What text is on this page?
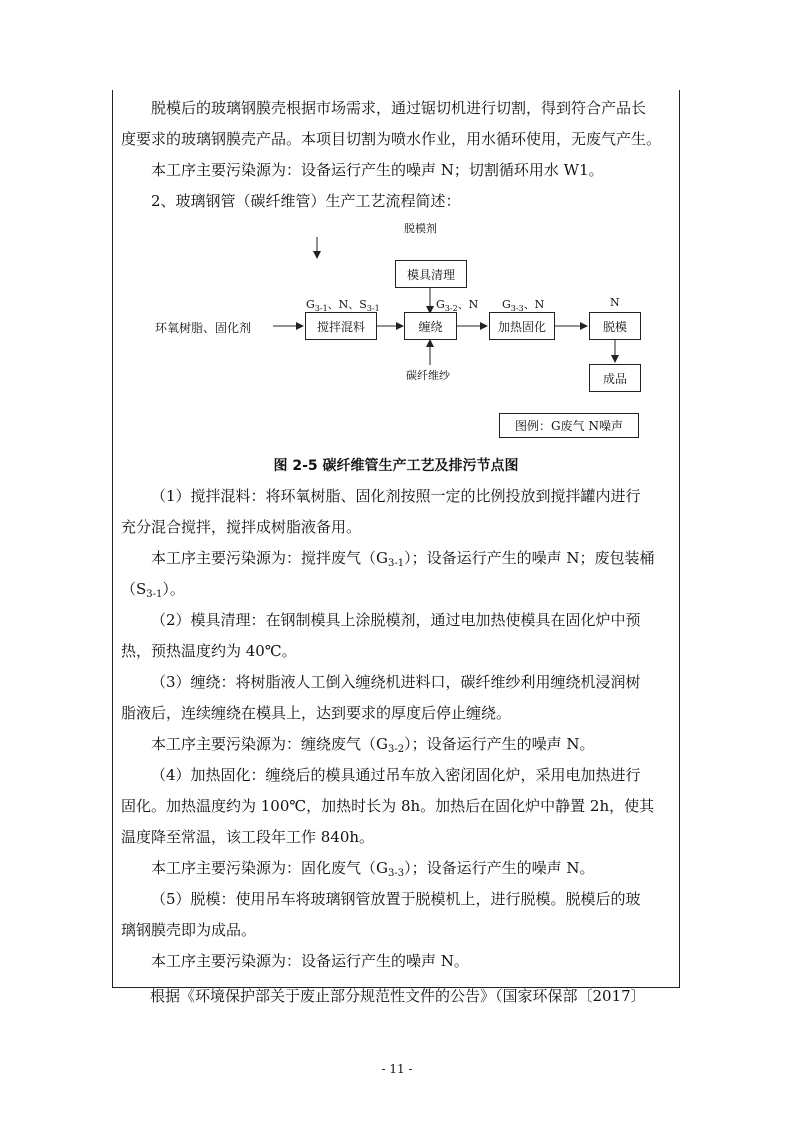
脱模后的玻璃钢膜壳根据市场需求，通过锯切机进行切割，得到符合产品长
度要求的玻璃钢膜壳产品。本项目切割为喷水作业，用水循环使用，无废气产生。
本工序主要污染源为：设备运行产生的噪声 N；切割循环用水 W1。
2、玻璃钢管（碳纤维管）生产工艺流程简述：
脱模剂
模具清理
环氧树脂、固化剂	搅拌混料
$G_{3-1}$、N、$S_{3-1}$
缠绕
$G_{3-2}$、N
碳纤维纱
加热固化
$G_{3-3}$、N
脱模
N
成品
图例：G废气 N噪声
图 2-5 碳纤维管生产工艺及排污节点图
（1）搅拌混料：将环氧树脂、固化剂按照一定的比例投放到搅拌罐内进行
充分混合搅拌，搅拌成树脂液备用。
本工序主要污染源为：搅拌废气$(G_{3-1})$；设备运行产生的噪声 N；废包装桶
$(S_{3-1})$。
（2）模具清理：在钢制模具上涂脱模剂，通过电加热使模具在固化炉中预
热，预热温度约为 40℃。
（3）缠绕：将树脂液人工倒入缠绕机进料口，碳纤维纱利用缠绕机浸润树
脂液后，连续缠绕在模具上，达到要求的厚度后停止缠绕。
本工序主要污染源为：缠绕废气$(G_{3-2})$；设备运行产生的噪声 N。
（4）加热固化：缠绕后的模具通过吊车放入密闭固化炉，采用电加热进行
固化。加热温度约为 100℃，加热时长为 8h。加热后在固化炉中静置 2h，使其
温度降至常温，该工段年工作 840h。
本工序主要污染源为：固化废气$(G_{3-3})$；设备运行产生的噪声 N。
（5）脱模：使用吊车将玻璃钢管放置于脱模机上，进行脱模。脱模后的玻
璃钢膜壳即为成品。
本工序主要污染源为：设备运行产生的噪声 N。
根据《环境保护部关于废止部分规范性文件的公告》（国家环保部〔2017〕
- 11 -
